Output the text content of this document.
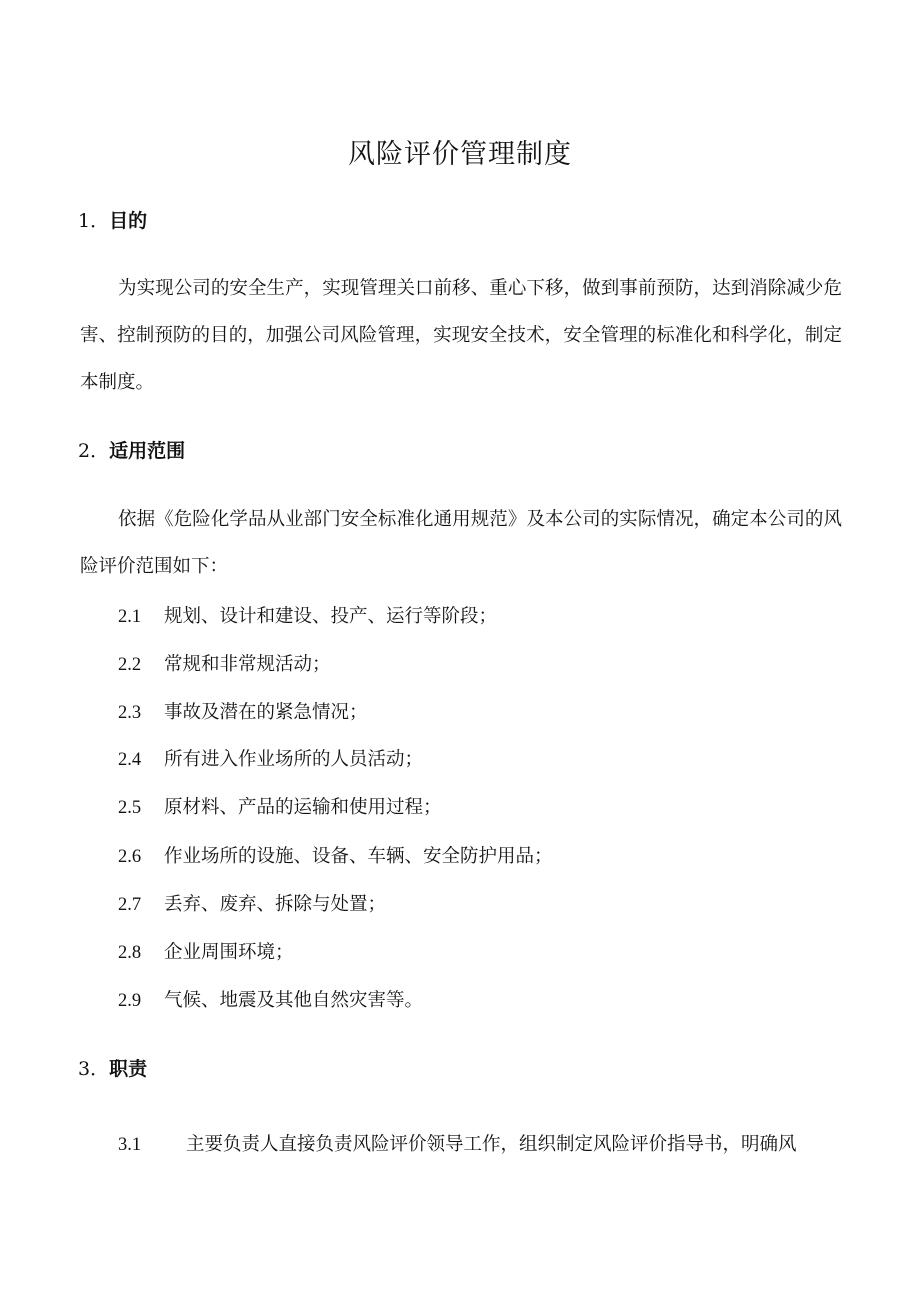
风险评价管理制度
1．目的

为实现公司的安全生产，实现管理关口前移、重心下移，做到事前预防，达到消除减少危害、控制预防的目的，加强公司风险管理，实现安全技术，安全管理的标准化和科学化，制定本制度。

2．适用范围

依据《危险化学品从业部门安全标准化通用规范》及本公司的实际情况，确定本公司的风险评价范围如下：

2.1 规划、设计和建设、投产、运行等阶段；

2.2 常规和非常规活动；

2.3 事故及潜在的紧急情况；

2.4 所有进入作业场所的人员活动；

2.5 原材料、产品的运输和使用过程；

2.6 作业场所的设施、设备、车辆、安全防护用品；

2.7 丢弃、废弃、拆除与处置；

2.8 企业周围环境；

2.9 气候、地震及其他自然灾害等。

3．职责

3.1 主要负责人直接负责风险评价领导工作，组织制定风险评价指导书，明确风
